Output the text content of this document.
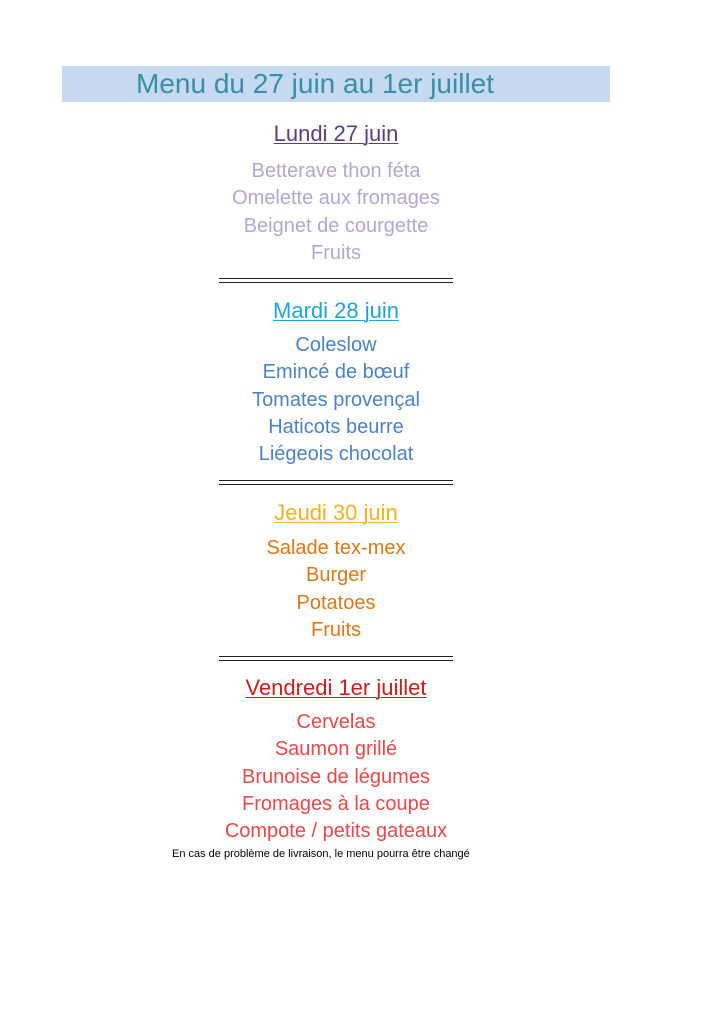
Menu du 27 juin au 1er juillet
Lundi 27 juin
Betterave thon féta
Omelette aux fromages
Beignet de courgette
Fruits
Mardi 28 juin
Coleslow
Emincé de bœuf
Tomates provençal
Haticots beurre
Liégeois chocolat
Jeudi 30 juin
Salade tex-mex
Burger
Potatoes
Fruits
Vendredi 1er juillet
Cervelas
Saumon grillé
Brunoise de légumes
Fromages à la coupe
Compote / petits gateaux
En cas de problème de livraison, le menu pourra être changé
